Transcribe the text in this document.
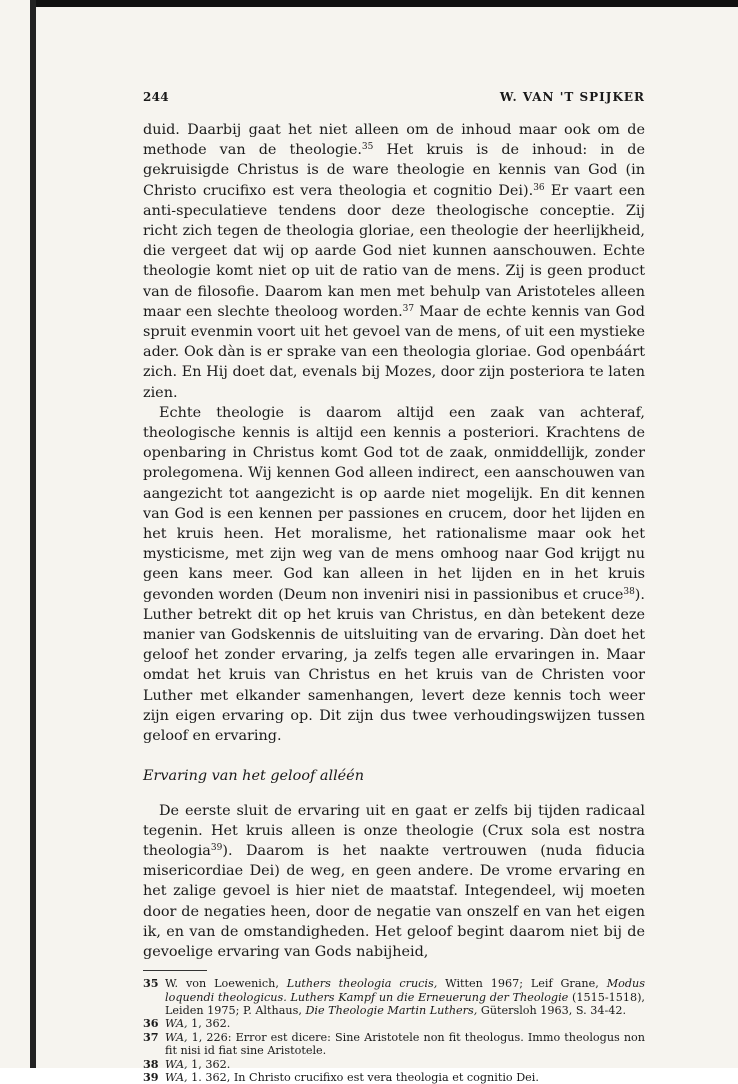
244	W. VAN 'T SPIJKER

duid. Daarbij gaat het niet alleen om de inhoud maar ook om de methode van de theologie.$^{35}$ Het kruis is de inhoud: in de gekruisigde Christus is de ware theologie en kennis van God (in Christo crucifixo est vera theologia et cognitio Dei).$^{36}$ Er vaart een anti-speculatieve tendens door deze theologische conceptie. Zij richt zich tegen de theologia gloriae, een theologie der heerlijkheid, die vergeet dat wij op aarde God niet kunnen aanschouwen. Echte theologie komt niet op uit de ratio van de mens. Zij is geen product van de filosofie. Daarom kan men met behulp van Aristoteles alleen maar een slechte theoloog worden.$^{37}$ Maar de echte kennis van God spruit evenmin voort uit het gevoel van de mens, of uit een mystieke ader. Ook dàn is er sprake van een theologia gloriae. God openbáárt zich. En Hij doet dat, evenals bij Mozes, door zijn posteriora te laten zien.

Echte theologie is daarom altijd een zaak van achteraf, theologische kennis is altijd een kennis a posteriori. Krachtens de openbaring in Christus komt God tot de zaak, onmiddellijk, zonder prolegomena. Wij kennen God alleen indirect, een aanschouwen van aangezicht tot aangezicht is op aarde niet mogelijk. En dit kennen van God is een kennen per passiones en crucem, door het lijden en het kruis heen. Het moralisme, het rationalisme maar ook het mysticisme, met zijn weg van de mens omhoog naar God krijgt nu geen kans meer. God kan alleen in het lijden en in het kruis gevonden worden (Deum non inveniri nisi in passionibus et cruce$^{38}$). Luther betrekt dit op het kruis van Christus, en dàn betekent deze manier van Godskennis de uitsluiting van de ervaring. Dàn doet het geloof het zonder ervaring, ja zelfs tegen alle ervaringen in. Maar omdat het kruis van Christus en het kruis van de Christen voor Luther met elkander samenhangen, levert deze kennis toch weer zijn eigen ervaring op. Dit zijn dus twee verhoudingswijzen tussen geloof en ervaring.

Ervaring van het geloof alléén

De eerste sluit de ervaring uit en gaat er zelfs bij tijden radicaal tegenin. Het kruis alleen is onze theologie (Crux sola est nostra theologia$^{39}$). Daarom is het naakte vertrouwen (nuda fiducia misericordiae Dei) de weg, en geen andere. De vrome ervaring en het zalige gevoel is hier niet de maatstaf. Integendeel, wij moeten door de negaties heen, door de negatie van onszelf en van het eigen ik, en van de omstandigheden. Het geloof begint daarom niet bij de gevoelige ervaring van Gods nabijheid,

35 W. von Loewenich, Luthers theologia crucis, Witten 1967; Leif Grane, Modus loquendi theologicus. Luthers Kampf un die Erneuerung der Theologie (1515-1518), Leiden 1975; P. Althaus, Die Theologie Martin Luthers, Gütersloh 1963, S. 34-42.
36 WA, 1, 362.
37 WA, 1, 226: Error est dicere: Sine Aristotele non fit theologus. Immo theologus non fit nisi id fiat sine Aristotele.
38 WA, 1, 362.
39 WA, 1. 362, In Christo crucifixo est vera theologia et cognitio Dei.
